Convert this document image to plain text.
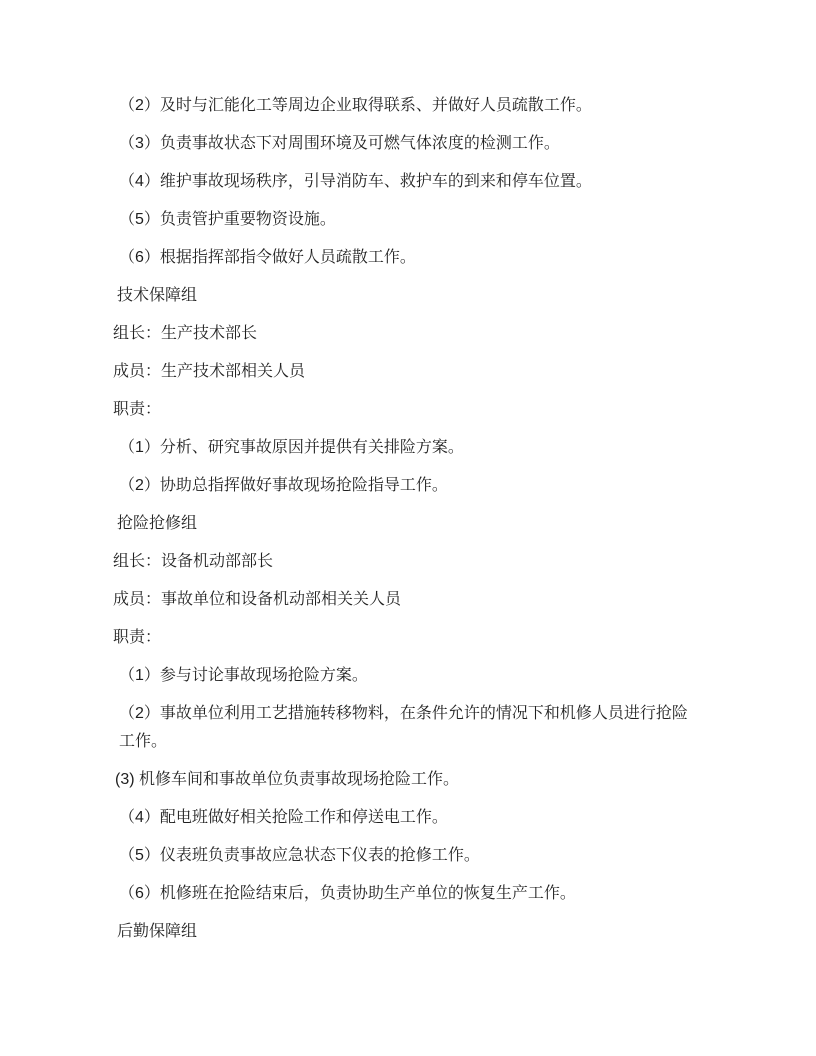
（2）及时与汇能化工等周边企业取得联系、并做好人员疏散工作。

（3）负责事故状态下对周围环境及可燃气体浓度的检测工作。

（4）维护事故现场秩序，引导消防车、救护车的到来和停车位置。

（5）负责管护重要物资设施。

（6）根据指挥部指令做好人员疏散工作。

技术保障组

组长：生产技术部长

成员：生产技术部相关人员

职责：

（1）分析、研究事故原因并提供有关排险方案。

（2）协助总指挥做好事故现场抢险指导工作。

抢险抢修组

组长：设备机动部部长

成员：事故单位和设备机动部相关关人员

职责：

（1）参与讨论事故现场抢险方案。

（2）事故单位利用工艺措施转移物料，在条件允许的情况下和机修人员进行抢险工作。

(3) 机修车间和事故单位负责事故现场抢险工作。

（4）配电班做好相关抢险工作和停送电工作。

（5）仪表班负责事故应急状态下仪表的抢修工作。

（6）机修班在抢险结束后，负责协助生产单位的恢复生产工作。

后勤保障组
